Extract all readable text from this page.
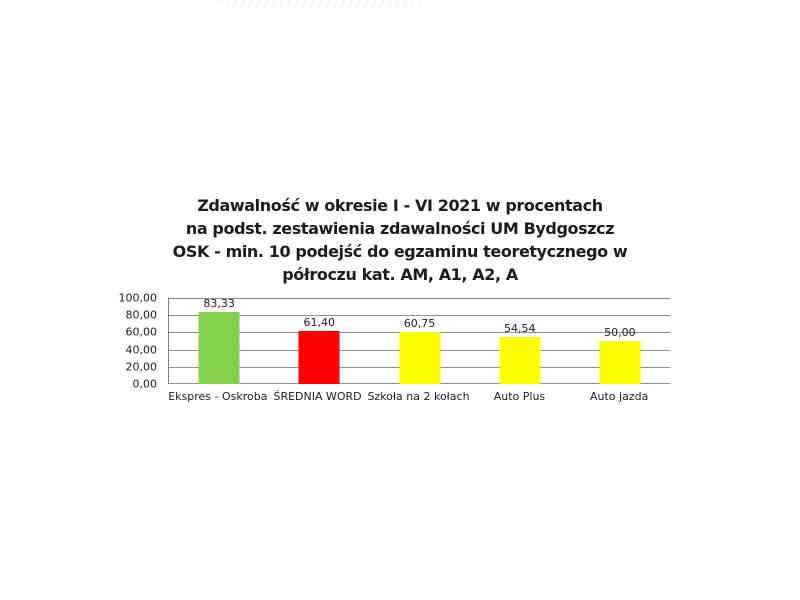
Zdawalność w okresie I - VI 2021 w procentach
na podst. zestawienia zdawalności UM Bydgoszcz
OSK - min. 10 podejść do egzaminu teoretycznego w
półroczu kat. AM, A1, A2, A
100,00
80,00
60,00
40,00
20,00
0,00
83,33
61,40	60,75	54,54	50,00
Ekspres - Oskroba ŚREDNIA WORD Szkoła na 2 kołach	Auto Plus	Auto jazda
